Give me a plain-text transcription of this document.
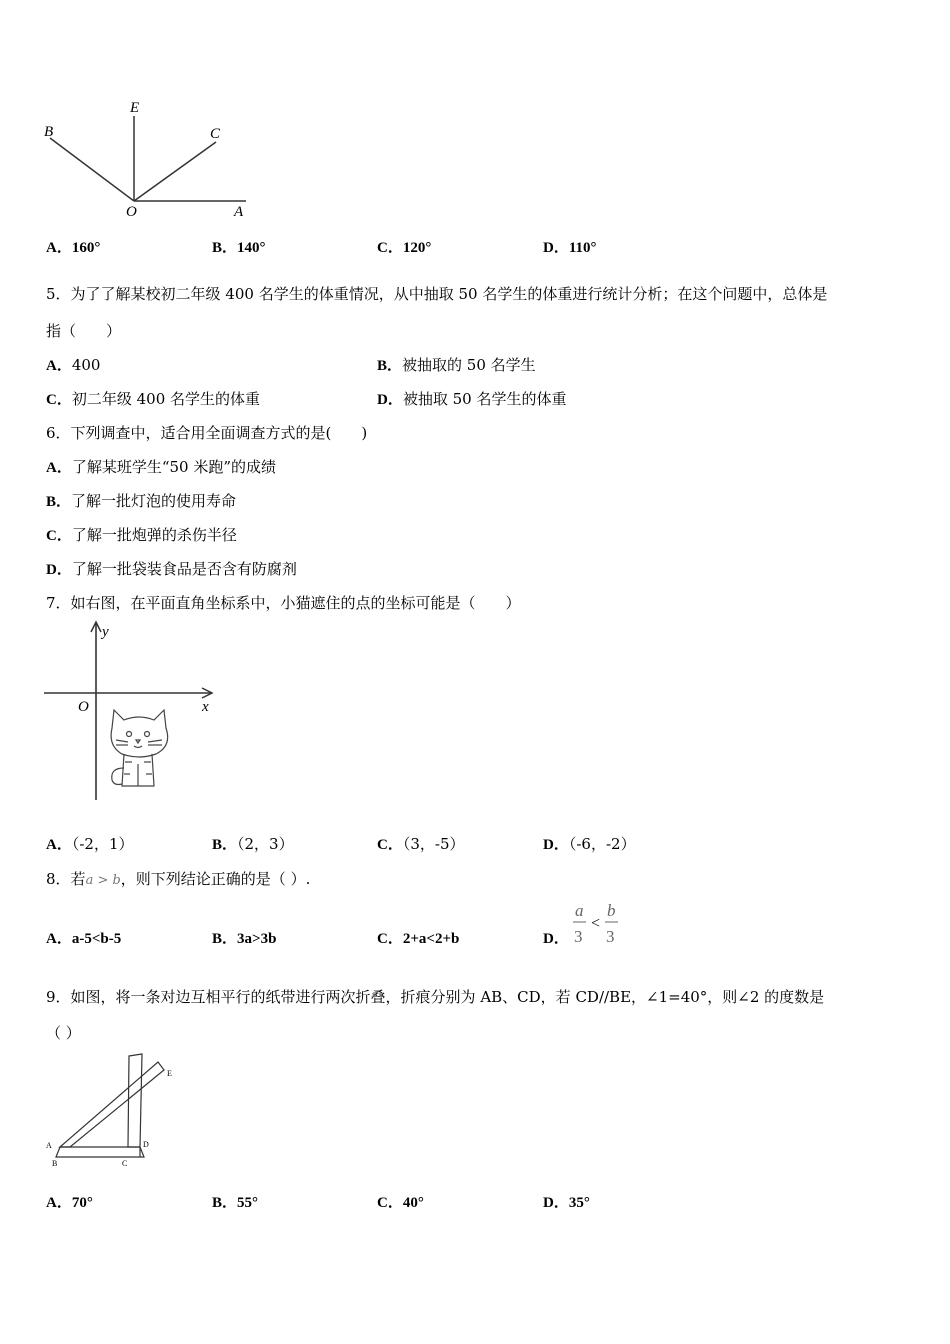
E
B	C
O	A
A．160°	B．140°	C．120°	D．110°
5．为了了解某校初二年级 400 名学生的体重情况，从中抽取 50 名学生的体重进行统计分析；在这个问题中，总体是
指（　　）
A．400	B．被抽取的 50 名学生
C．初二年级 400 名学生的体重	D．被抽取 50 名学生的体重
6．下列调查中，适合用全面调查方式的是(　　)
A．了解某班学生“50 米跑”的成绩
B．了解一批灯泡的使用寿命
C．了解一批炮弹的杀伤半径
D．了解一批袋装食品是否含有防腐剂
7．如右图，在平面直角坐标系中，小猫遮住的点的坐标可能是（　　）
y
x
O
A．（-2，1）	B．（2，3）	C．（3，-5）	D．（-6，-2）
8．若a > b，则下列结论正确的是（ ）.
A．a-5<b-5	B．3a>3b	C．2+a<2+b	D．
a
3
<
b
3
9．如图，将一条对边互相平行的纸带进行两次折叠，折痕分别为 AB、CD，若 CD//BE，∠1=40°，则∠2 的度数是
（ ）
A
B	C
D
E
A．70°	B．55°	C．40°	D．35°
